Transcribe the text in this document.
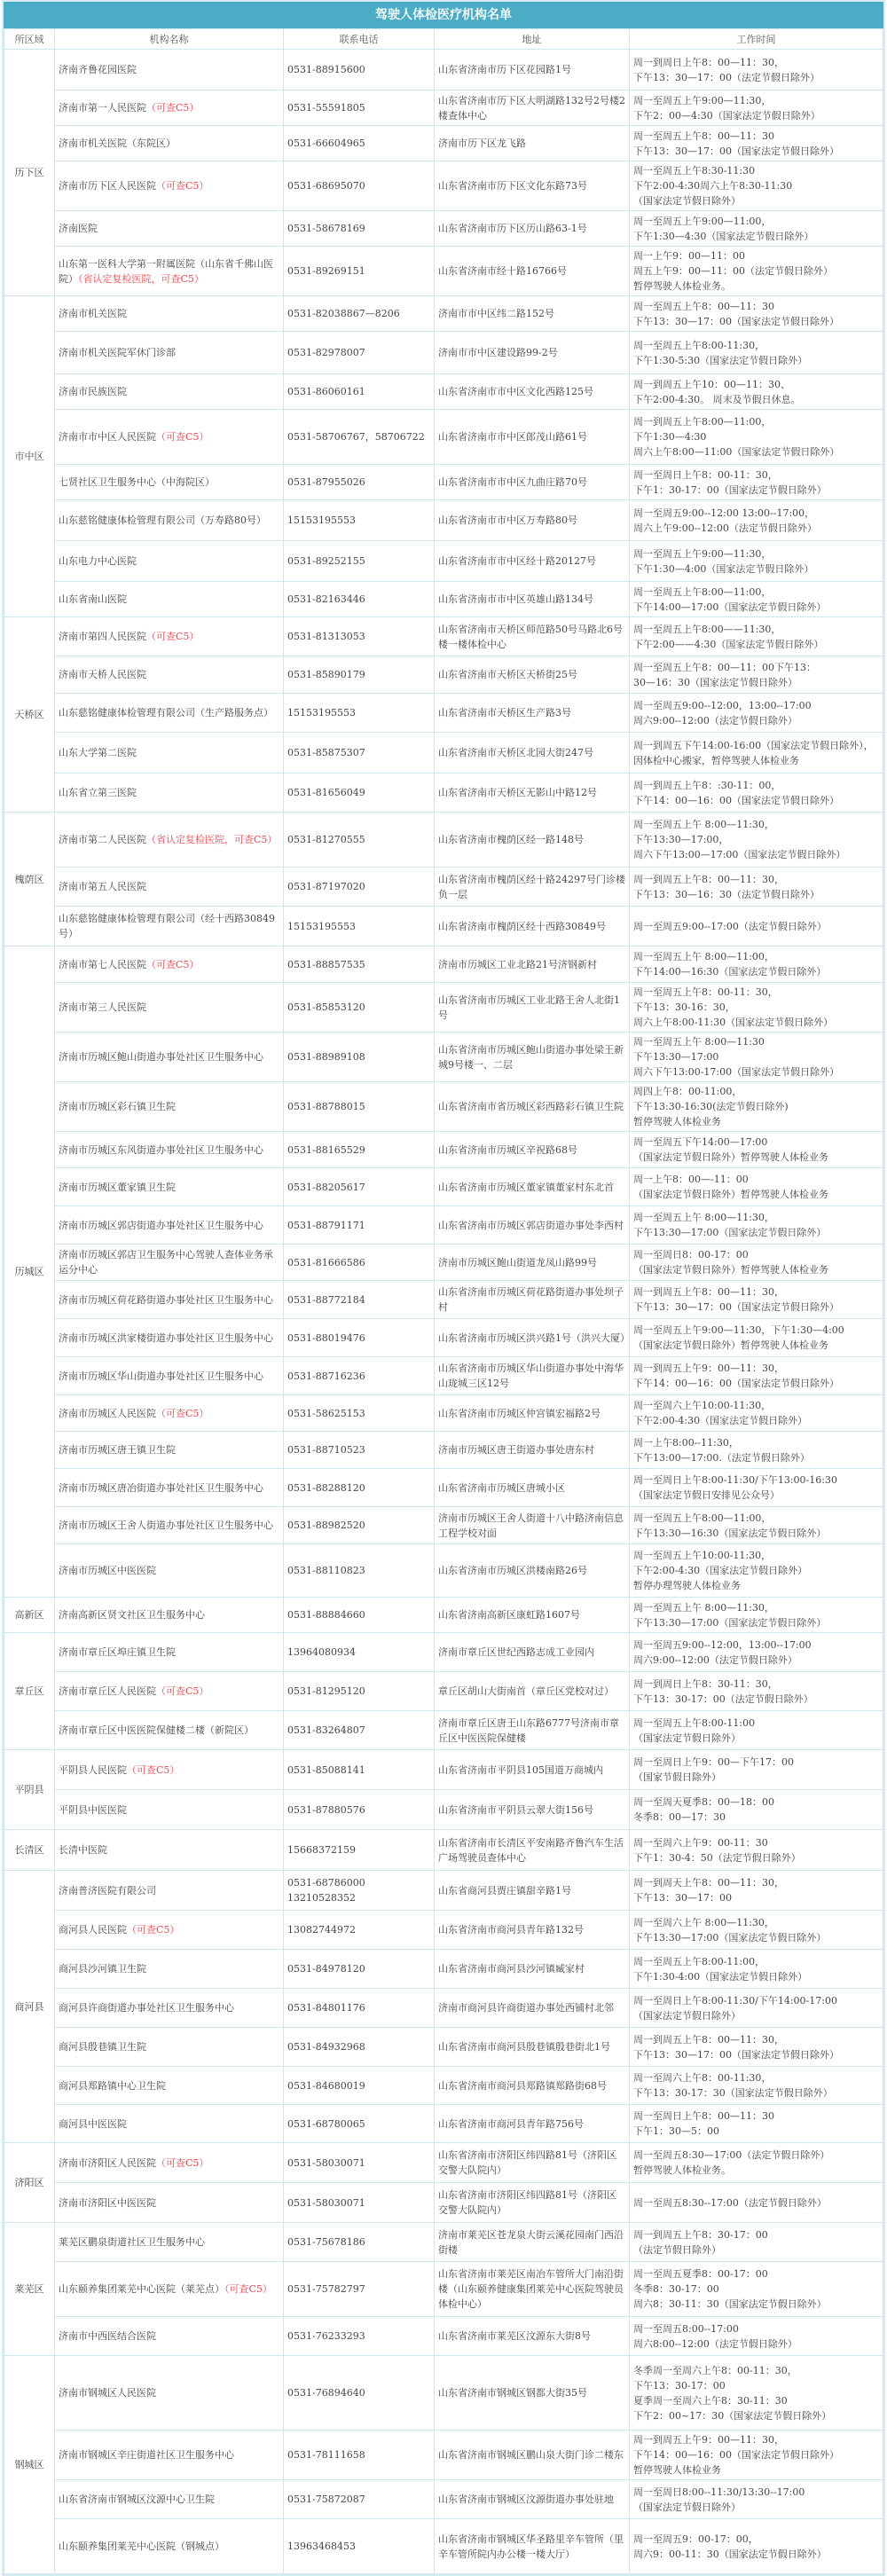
驾驶人体检医疗机构名单
所区域	机构名称	联系电话	地址	工作时间
历下区	济南齐鲁花园医院	0531-88915600	山东省济南市历下区花园路1号	周一到周日上午8：00—11：30，
下午13：30—17：00（法定节假日除外）

	济南市第一人民医院（可查C5）	0531-55591805	山东省济南市历下区大明湖路132号2号楼2楼查体中心	周一至周五上午9:00—11:30，
下午2：00—4:30（国家法定节假日除外）

	济南市机关医院（东院区）	0531-66604965	济南市历下区龙飞路	周一至周五上午8：00—11：30
下午13：30—17：00（国家法定节假日除外）

	济南市历下区人民医院（可查C5）	0531-68695070	山东省济南市历下区文化东路73号	周一至周五上午8:30-11:30
下午2:00-4:30周六上午8:30-11:30
（国家法定节假日除外）

	济南医院	0531-58678169	山东省济南市历下区历山路63-1号	周一至周五上午9:00—11:00，
下午1:30—4:30（国家法定节假日除外）

	山东第一医科大学第一附属医院（山东省千佛山医院）（省认定复检医院，可查C5）	0531-89269151	山东省济南市经十路16766号	周一上午9：00—11：00
周五上午9：00—11：00（法定节假日除外）
暂停驾驶人体检业务。

市中区	济南市机关医院	0531-82038867—8206	济南市市中区纬二路152号	周一至周五上午8：00—11：30
下午13：30—17：00（国家法定节假日除外）

	济南市机关医院军休门诊部	0531-82978007	济南市市中区建设路99-2号	周一至周五上午8:00-11:30，
下午1:30-5:30（国家法定节假日除外）

	济南市民族医院	0531-86060161	山东省济南市市中区文化西路125号	周一到周五上午10：00—11：30、
下午2:00-4:30。 周末及节假日休息。

	济南市市中区人民医院（可查C5）	0531-58706767，58706722	山东省济南市市中区郎茂山路61号	周一到周五上午8:00—11:00，
下午1:30—4:30
周六上午8:00—11:00（国家法定节假日除外）

	七贤社区卫生服务中心（中海院区）	0531-87955026	山东省济南市市中区九曲庄路70号	周一至周日上午8：00-11：30，
下午1：30-17：00（国家法定节假日除外）

	山东慈铭健康体检管理有限公司（万寿路80号）	15153195553	山东省济南市市中区万寿路80号	周一至周五9:00--12:00 13:00--17:00，
周六上午9:00--12:00（法定节假日除外）

	山东电力中心医院	0531-89252155	山东省济南市市中区经十路20127号	周一至周五上午9:00—11:30，
下午1:30—4:00（国家法定节假日除外）

	山东省南山医院	0531-82163446	山东省济南市市中区英雄山路134号	周一至周五上午8:00—11:00，
下午14:00—17:00（国家法定节假日除外）

天桥区	济南市第四人民医院（可查C5）	0531-81313053	山东省济南市天桥区师范路50号马路北6号楼一楼体检中心	周一至周五上午8:00——11:30，
下午2:00——4:30（国家法定节假日除外）

	济南市天桥人民医院	0531-85890179	山东省济南市天桥区天桥街25号	周一至周五上午8：00—11：00下午13：
30—16：30（国家法定节假日除外）

	山东慈铭健康体检管理有限公司（生产路服务点）	15153195553	山东省济南市天桥区生产路3号	周一至周五9:00--12:00，13:00--17:00
周六9:00--12:00（法定节假日除外）

	山东大学第二医院	0531-85875307	山东省济南市天桥区北园大街247号	周一到周五下午14:00-16:00（国家法定节假日除外），因体检中心搬家，暂停驾驶人体检业务

	山东省立第三医院	0531-81656049	山东省济南市天桥区无影山中路12号	周一到周五上午8：:30-11：00，
下午14：00—16：00（国家法定节假日除外）

槐荫区	济南市第二人民医院（省认定复检医院，可查C5）	0531-81270555	山东省济南市槐荫区经一路148号	周一至周五上午 8:00—11:30，
下午13:30—17:00，
周六下午13:00—17:00（国家法定节假日除外）

	济南市第五人民医院	0531-87197020	山东省济南市槐荫区经十路24297号门诊楼负一层	周一到周五上午8：00—11：30，
下午13：30—16：30（法定节假日除外）

	山东慈铭健康体检管理有限公司（经十西路30849号）	15153195553	山东省济南市槐荫区经十西路30849号	周一至周五9:00--17:00（法定节假日除外）

历城区	济南市第七人民医院（可查C5）	0531-88857535	济南市历城区工业北路21号济钢新村	周一至周五上午 8:00—11:00，
下午14:00—16:30（国家法定节假日除外）

	济南市第三人民医院	0531-85853120	山东省济南市历城区工业北路王舍人北街1号	周一至周五上午8：00-11：30，
下午13：30-16：30，
周六上午8:00-11:30（国家法定节假日除外）

	济南市历城区鲍山街道办事处社区卫生服务中心	0531-88989108	山东省济南市历城区鲍山街道办事处梁王新城9号楼一、二层	周一至周五上午 8:00—11:30
下午13:30—17:00
周六下午13:00-17:00（国家法定节假日除外）

	济南市历城区彩石镇卫生院	0531-88788015	山东省济南市省历城区彩西路彩石镇卫生院	周四上午8：00-11:00，
下午13:30-16:30(法定节假日除外)
暂停驾驶人体检业务

	济南市历城区东风街道办事处社区卫生服务中心	0531-88165529	山东省济南市历城区辛祝路68号	周一至周五下午14:00—17:00
（国家法定节假日除外）暂停驾驶人体检业务

	济南市历城区董家镇卫生院	0531-88205617	山东省济南市历城区董家镇董家村东北首	周一上午8：00—-11：00
（国家法定节假日除外）暂停驾驶人体检业务

	济南市历城区郭店街道办事处社区卫生服务中心	0531-88791171	山东省济南市历城区郭店街道办事处李西村	周一至周五上午 8:00—11:30，
下午13:30—17:00（国家法定节假日除外）

	济南市历城区郭店卫生服务中心驾驶人查体业务承运分中心	0531-81666586	济南市历城区鲍山街道龙凤山路99号	周一至周日8：00-17：00
（国家法定节假日除外）暂停驾驶人体检业务

	济南市历城区荷花路街道办事处社区卫生服务中心	0531-88772184	山东省济南市历城区荷花路街道办事处坝子村	周一到周五上午8：00—11：30，
下午13：30—17：00（国家法定节假日除外）

	济南市历城区洪家楼街道办事处社区卫生服务中心	0531-88019476	山东省济南市历城区洪兴路1号（洪兴大厦）	周一至周五上午9:00—11:30，下午1:30—4:00
（国家法定节假日除外）暂停驾驶人体检业务

	济南市历城区华山街道办事处社区卫生服务中心	0531-88716236	山东省济南市历城区华山街道办事处中海华山珑城三区12号	周一到周五上午9：00—11：30，
下午14：00—16：00（国家法定节假日除外）

	济南市历城区人民医院（可查C5）	0531-58625153	山东省济南市历城区仲宫镇宏福路2号	周一至周六上午10:00-11:30，
下午2:00-4:30（国家法定节假日除外）

	济南市历城区唐王镇卫生院	0531-88710523	济南市历城区唐王街道办事处唐东村	周一上午8:00--11:30，
下午13:00—17:00.（法定节假日除外）

	济南市历城区唐冶街道办事处社区卫生服务中心	0531-88288120	山东省济南市历城区唐城小区	周一至周日上午8:00-11:30/下午13:00-16:30
（国家法定节假日安排见公众号）

	济南市历城区王舍人街道办事处社区卫生服务中心	0531-88982520	济南市历城区王舍人街道十八中路济南信息工程学校对面	周一至周五上午8:00—11:00，
下午13:30—16:30（国家法定节假日除外）

	济南市历城区中医医院	0531-88110823	山东省济南市历城区洪楼南路26号	周一至周五上午10:00-11:30，
下午2:00-4:30（国家法定节假日除外）
暂停办理驾驶人体检业务

高新区	济南高新区贤文社区卫生服务中心	0531-88884660	山东省济南高新区康虹路1607号	周一至周五上午 8:00—11:30，
下午13:30—17:00（国家法定节假日除外）

章丘区	济南市章丘区埠庄镇卫生院	13964080934	济南市章丘区世纪西路志成工业园内	周一至周五9:00--12:00，13:00--17:00
周六9:00--12:00（法定节假日除外）

	济南市章丘区人民医院（可查C5）	0531-81295120	章丘区胡山大街南首（章丘区党校对过）	周一到周日上午8：30-11：30，
下午13：30-17：00（法定节假日除外）

	济南市章丘区中医医院保健楼二楼（新院区）	0531-83264807	济南市章丘区唐王山东路6777号济南市章丘区中医医院保健楼	周一至周五上午8:00-11:00
（国家法定节假日除外）

平阴县	平阴县人民医院（可查C5）	0531-85088141	山东省济南市平阴县105国道万商城内	周一至周日上午9：00—下午17：00
（国家节假日除外）

	平阴县中医医院	0531-87880576	山东省济南市平阴县云翠大街156号	周一至周天夏季8：00—18：00
冬季8：00—17：30

长清区	长清中医院	15668372159	山东省济南市长清区平安南路齐鲁汽车生活广场驾驶员查体中心	周一至周六上午9：00-11：30
下午1：30-4：50（法定节假日除外）

商河县	济南普济医院有限公司	0531-68786000 13210528352	山东省商河县贾庄镇甜辛路1号	周一到周天上午8：00—11：30，
下午13：30—17：00

	商河县人民医院（可查C5）	13082744972	山东省济南市商河县青年路132号	周一至周六上午 8:00—11:30，
下午13:30—17:00（国家法定节假日除外）

	商河县沙河镇卫生院	0531-84978120	山东省济南市商河县沙河镇臧家村	周一至周五上午8:00-11:00，
下午1:30-4:00（国家法定节假日除外）

	商河县许商街道办事处社区卫生服务中心	0531-84801176	济南市商河县许商街道办事处西铺村北邻	周一至周日上午8:00-11:30/下午14:00-17:00
（国家法定节假日除外）

	商河县殷巷镇卫生院	0531-84932968	山东省济南市商河县殷巷镇殷巷街北1号	周一到周五上午8：00—11：30，
下午13：30—17：00（国家法定节假日除外）

	商河县郑路镇中心卫生院	0531-84680019	山东省济南市商河县郑路镇郑路街68号	周一至周六上午8：00-11:30，
下午13：30-17：30（国家法定节假日除外）

	商河县中医医院	0531-68780065	山东省济南市商河县青年路756号	周一至周日上午8：00—11：30
下午1：30—5：00

济阳区	济南市济阳区人民医院（可查C5）	0531-58030071	山东省济南市济阳区纬四路81号（济阳区交警大队院内）	周一至周五8:30—17:00（法定节假日除外）
暂停驾驶人体检业务。

	济南市济阳区中医医院	0531-58030071	山东省济南市济阳区纬四路81号（济阳区交警大队院内）	周一至周五8:30--17:00（法定节假日除外）

莱芜区	莱芜区鹏泉街道社区卫生服务中心	0531-75678186	济南市莱芜区苍龙泉大街云溪花园南门西沿街楼	周一到周五上午8：30-17：00
（法定节假日除外）

	山东颐养集团莱芜中心医院（莱芜点）（可查C5）	0531-75782797	山东省济南市莱芜区南冶车管所大门南沿街楼（山东颐养健康集团莱芜中心医院驾驶员体检中心）	周一至周五夏季8：00-17：00
冬季8：30-17：00
周六8：30-11：30（国家法定节假日除外）

	济南市中西医结合医院	0531-76233293	山东省济南市莱芜区汶源东大街8号	周一至周五8:00--17:00
周六8:00--12:00（法定节假日除外）

钢城区	济南市钢城区人民医院	0531-76894640	山东省济南市钢城区钢都大街35号	冬季周一至周六上午8：00-11：30，
下午13：30-17：00
夏季周一至周六上午8：30-11：30
下午2：00~17：30（国家法定节假日除外）

	济南市钢城区辛庄街道社区卫生服务中心	0531-78111658	山东省济南市钢城区鹏山泉大街门诊二楼东	周一到周五上午9：00—11：30，
下午14：00—16：00（国家法定节假日除外）
暂停驾驶人体检业务

	山东省济南市钢城区汶源中心卫生院	0531-75872087	山东省济南市钢城区汶源街道办事处驻地	周一至周日8:00--11:30/13:30--17:00
（国家法定节假日除外）

	山东颐养集团莱芜中心医院（钢城点）	13963468453	山东省济南市钢城区华圣路里辛车管所（里辛车管所院内办公楼一楼大厅）	周一至周五9：00-17：00，
周六9：00-11：30（国家法定节假日除外）
